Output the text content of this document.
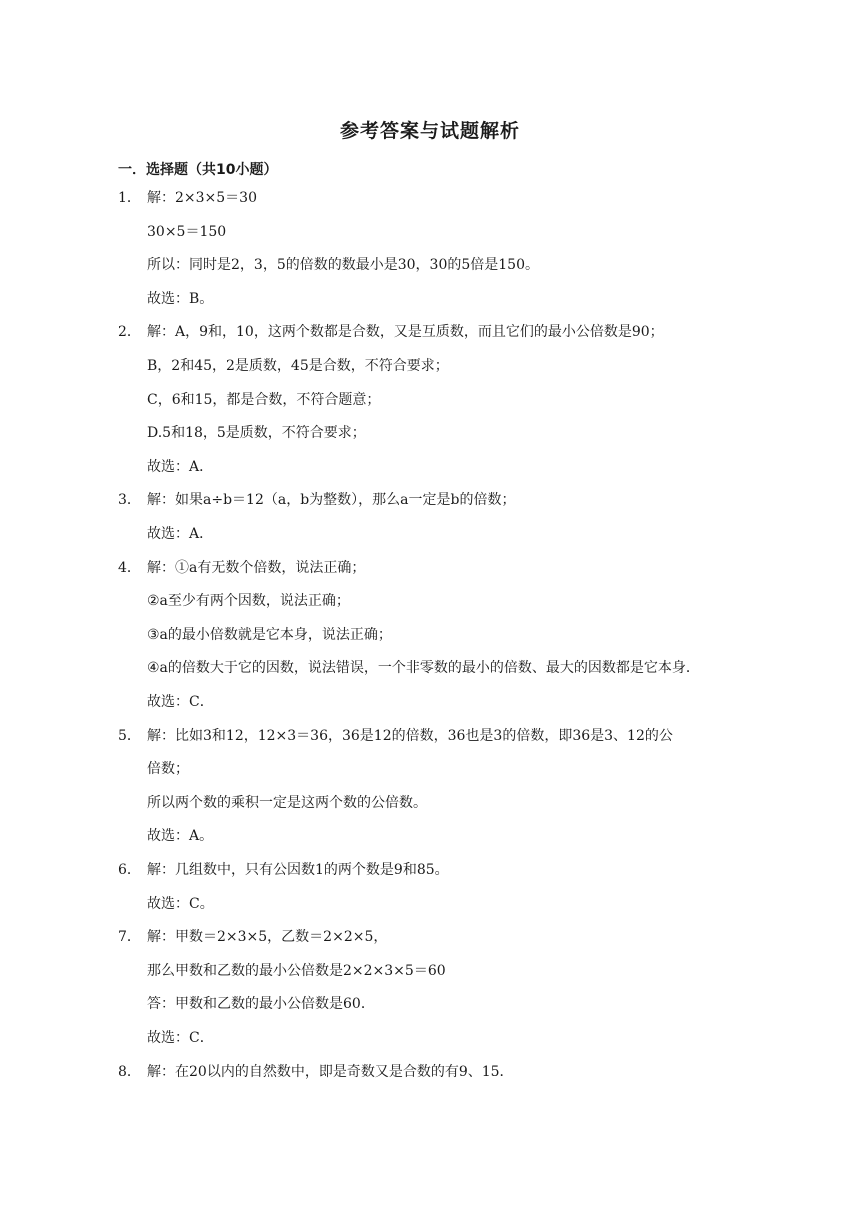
参考答案与试题解析
一．选择题（共10小题）
1． 解：2×3×5＝30
30×5＝150
所以：同时是2，3，5的倍数的数最小是30，30的5倍是150。
故选：B。
2． 解：A，9和，10，这两个数都是合数，又是互质数，而且它们的最小公倍数是90；
B，2和45，2是质数，45是合数，不符合要求；
C，6和15，都是合数，不符合题意；
D.5和18，5是质数，不符合要求；
故选：A．
3． 解：如果a÷b＝12（a，b为整数），那么a一定是b的倍数；
故选：A．
4． 解：①a有无数个倍数，说法正确；
②a至少有两个因数，说法正确；
③a的最小倍数就是它本身，说法正确；
④a的倍数大于它的因数，说法错误，一个非零数的最小的倍数、最大的因数都是它本身．
故选：C．
5． 解：比如3和12，12×3＝36，36是12的倍数，36也是3的倍数，即36是3、12的公
倍数；
所以两个数的乘积一定是这两个数的公倍数。
故选：A。
6． 解：几组数中，只有公因数1的两个数是9和85。
故选：C。
7． 解：甲数＝2×3×5，乙数＝2×2×5，
那么甲数和乙数的最小公倍数是2×2×3×5＝60
答：甲数和乙数的最小公倍数是60．
故选：C．
8． 解：在20以内的自然数中，即是奇数又是合数的有9、15．
